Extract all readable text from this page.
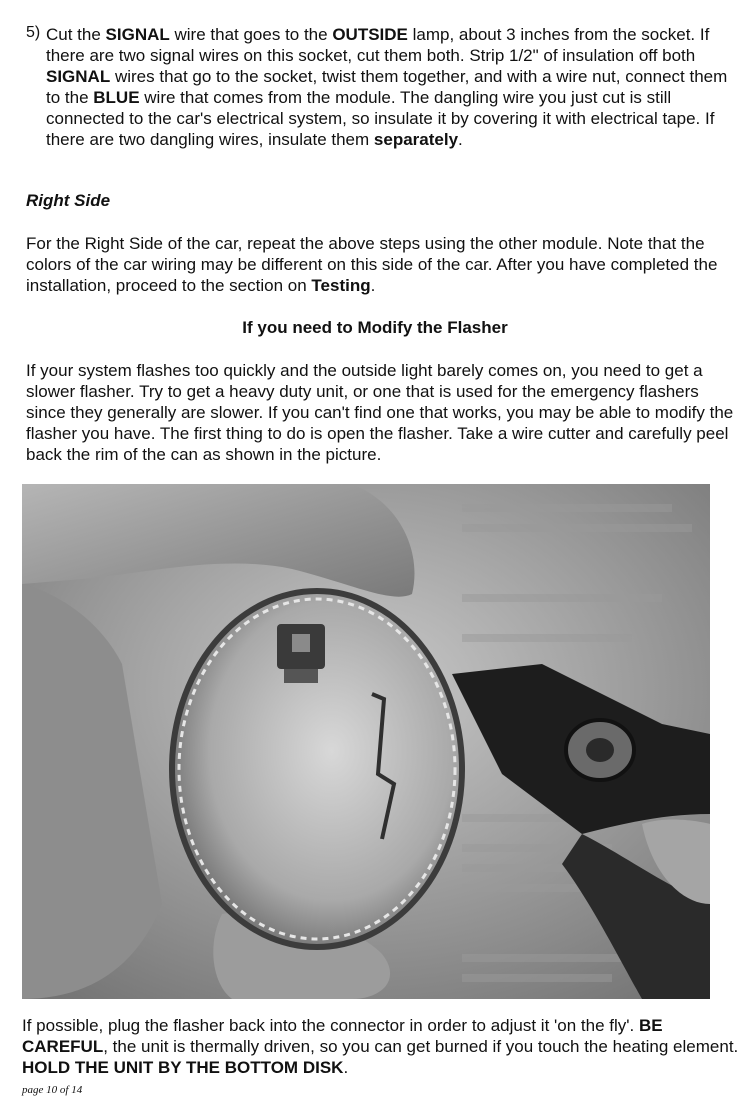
5) Cut the SIGNAL wire that goes to the OUTSIDE lamp, about 3 inches from the socket. If there are two signal wires on this socket, cut them both. Strip 1/2" of insulation off both SIGNAL wires that go to the socket, twist them together, and with a wire nut, connect them to the BLUE wire that comes from the module. The dangling wire you just cut is still connected to the car's electrical system, so insulate it by covering it with electrical tape. If there are two dangling wires, insulate them separately.

Right Side

For the Right Side of the car, repeat the above steps using the other module. Note that the colors of the car wiring may be different on this side of the car. After you have completed the installation, proceed to the section on Testing.

If you need to Modify the Flasher

If your system flashes too quickly and the outside light barely comes on, you need to get a slower flasher. Try to get a heavy duty unit, or one that is used for the emergency flashers since they generally are slower. If you can't find one that works, you may be able to modify the flasher you have. The first thing to do is open the flasher. Take a wire cutter and carefully peel back the rim of the can as shown in the picture.

If possible, plug the flasher back into the connector in order to adjust it 'on the fly'. BE CAREFUL, the unit is thermally driven, so you can get burned if you touch the heating element. HOLD THE UNIT BY THE BOTTOM DISK.

page 10 of 14
